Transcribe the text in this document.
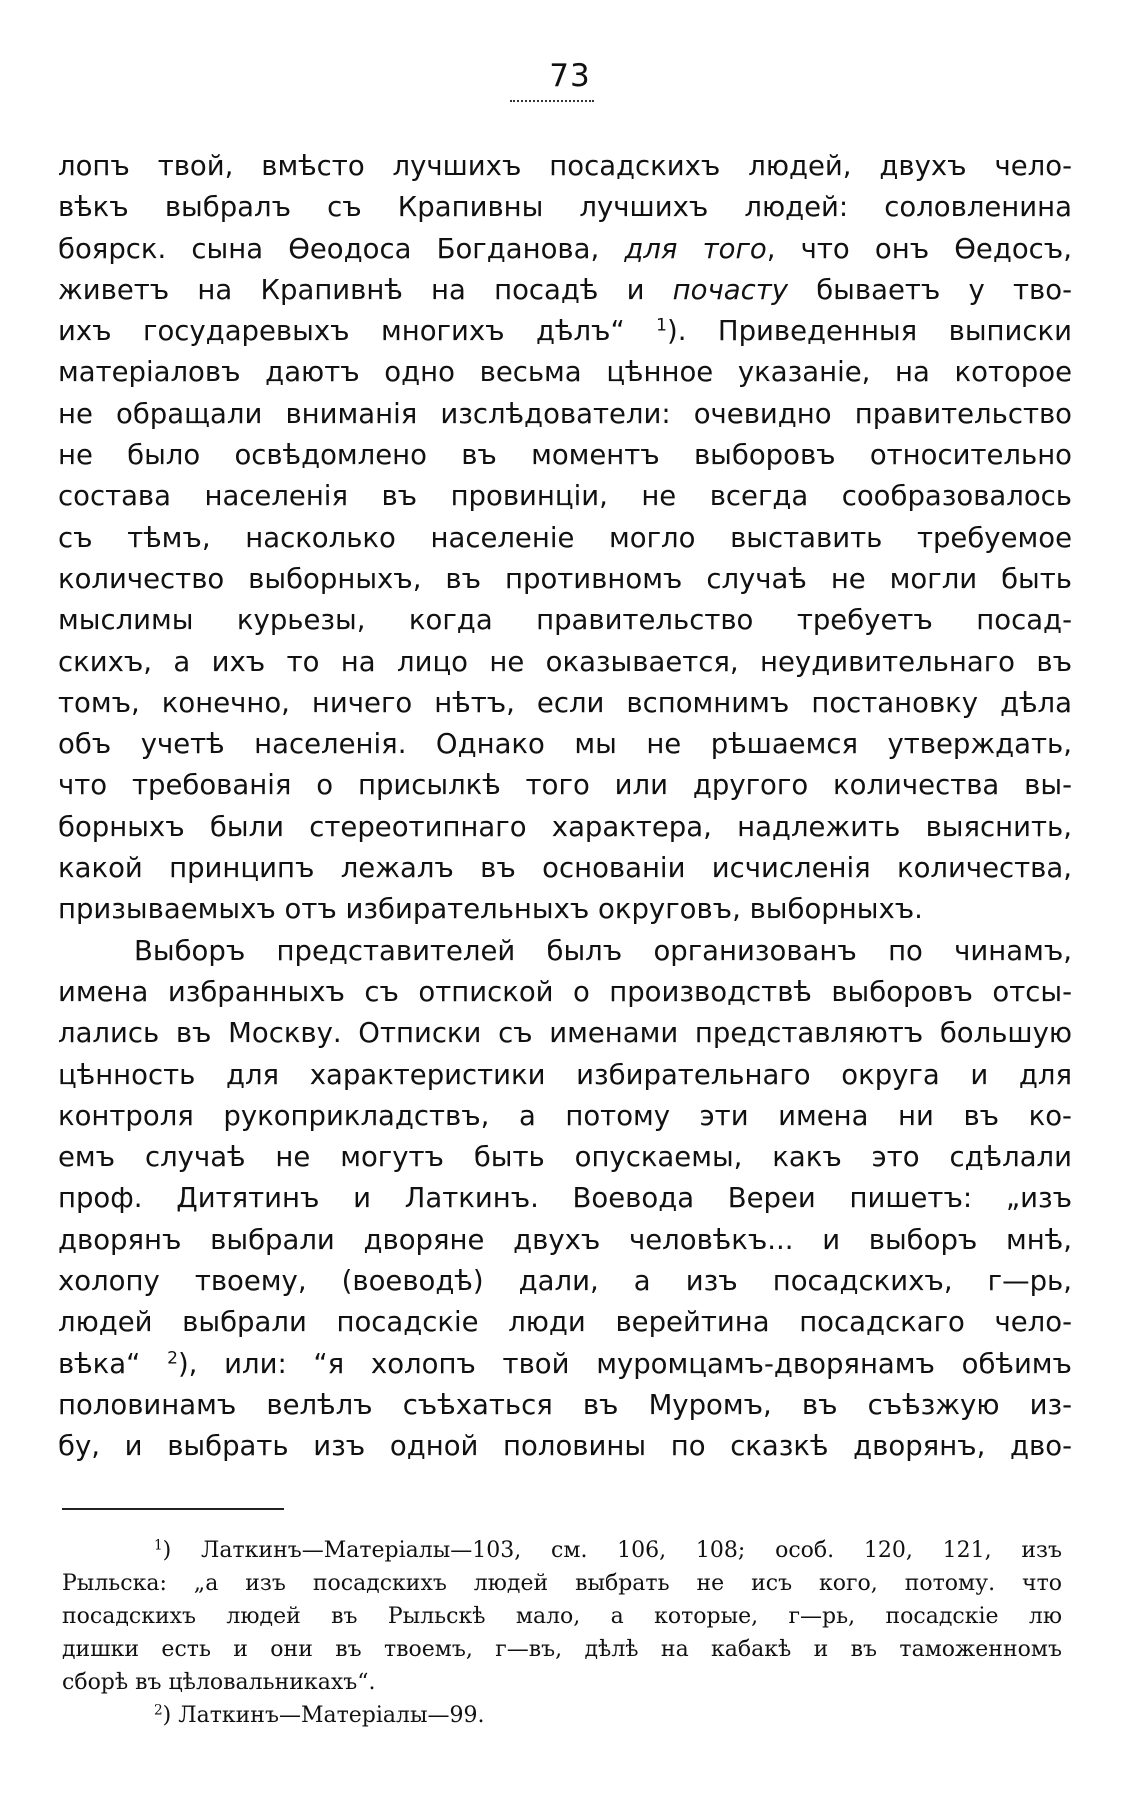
73
лопъ твой, вмѣсто лучшихъ посадскихъ людей, двухъ чело-
вѣкъ выбралъ съ Крапивны лучшихъ людей: соловленина
боярск. сына Ѳеодоса Богданова, для того, что онъ Ѳедосъ,
живетъ на Крапивнѣ на посадѣ и почасту бываетъ у тво-
ихъ государевыхъ многихъ дѣлъ“ $^1$). Приведенныя выписки
матеріаловъ даютъ одно весьма цѣнное указаніе, на которое
не обращали вниманія изслѣдователи: очевидно правительство
не было освѣдомлено въ моментъ выборовъ относительно
состава населенія въ провинціи, не всегда сообразовалось
съ тѣмъ, насколько населеніе могло выставить требуемое
количество выборныхъ, въ противномъ случаѣ не могли быть
мыслимы курьезы, когда правительство требуетъ посад-
скихъ, а ихъ то на лицо не оказывается, неудивительнаго въ
томъ, конечно, ничего нѣтъ, если вспомнимъ постановку дѣла
объ учетѣ населенія. Однако мы не рѣшаемся утверждать,
что требованія о присылкѣ того или другого количества вы-
борныхъ были стереотипнаго характера, надлежить выяснить,
какой принципъ лежалъ въ основаніи исчисленія количества,
призываемыхъ отъ избирательныхъ округовъ, выборныхъ.
Выборъ представителей былъ организованъ по чинамъ,
имена избранныхъ съ отпиской о производствѣ выборовъ отсы-
лались въ Москву. Отписки съ именами представляютъ большую
цѣнность для характеристики избирательнаго округа и для
контроля рукоприкладствъ, а потому эти имена ни въ ко-
емъ случаѣ не могутъ быть опускаемы, какъ это сдѣлали
проф. Дитятинъ и Латкинъ. Воевода Вереи пишетъ: „изъ
дворянъ выбрали дворяне двухъ человѣкъ... и выборъ мнѣ,
холопу твоему, (воеводѣ) дали, а изъ посадскихъ, г—рь,
людей выбрали посадскіе люди верейтина посадскаго чело-
вѣка“ $^2$), или: “я холопъ твой муромцамъ-дворянамъ обѣимъ
половинамъ велѣлъ съѣхаться въ Муромъ, въ съѣзжую из-
бу, и выбрать изъ одной половины по сказкѣ дворянъ, дво-
$^1$) Латкинъ—Матеріалы—103, см. 106, 108; особ. 120, 121, изъ
Рыльска: „а изъ посадскихъ людей выбрать не исъ кого, потому. что
посадскихъ людей въ Рыльскѣ мало, а которые, г—рь, посадскіе лю
дишки есть и они въ твоемъ, г—въ, дѣлѣ на кабакѣ и въ таможенномъ
сборѣ въ цѣловальникахъ“.
$^2$) Латкинъ—Матеріалы—99.
